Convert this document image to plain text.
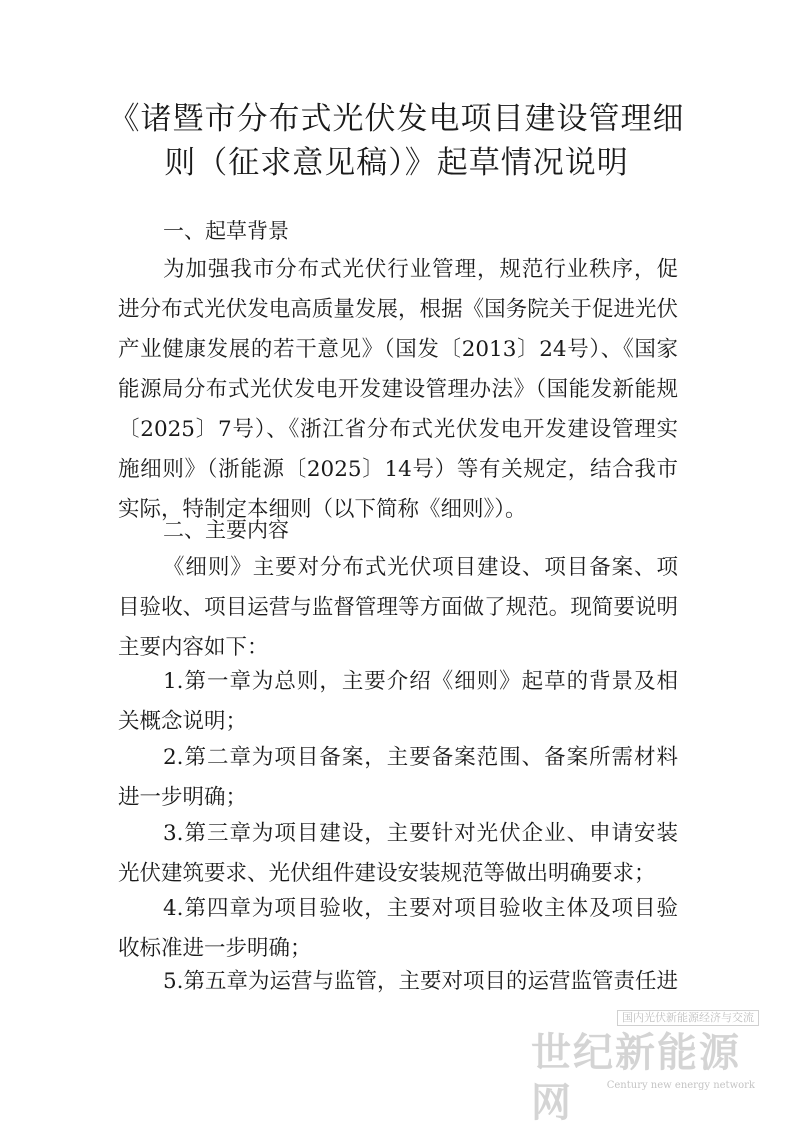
《诸暨市分布式光伏发电项目建设管理细则（征求意见稿）》起草情况说明

一、起草背景

为加强我市分布式光伏行业管理，规范行业秩序，促进分布式光伏发电高质量发展，根据《国务院关于促进光伏产业健康发展的若干意见》（国发〔2013〕24号）、《国家能源局分布式光伏发电开发建设管理办法》（国能发新能规〔2025〕7号）、《浙江省分布式光伏发电开发建设管理实施细则》（浙能源〔2025〕14号）等有关规定，结合我市实际，特制定本细则（以下简称《细则》）。

二、主要内容

《细则》主要对分布式光伏项目建设、项目备案、项目验收、项目运营与监督管理等方面做了规范。现简要说明主要内容如下：

1.第一章为总则，主要介绍《细则》起草的背景及相关概念说明；

2.第二章为项目备案，主要备案范围、备案所需材料进一步明确；

3.第三章为项目建设，主要针对光伏企业、申请安装光伏建筑要求、光伏组件建设安装规范等做出明确要求；

4.第四章为项目验收，主要对项目验收主体及项目验收标准进一步明确；

5.第五章为运营与监管，主要对项目的运营监管责任进

国内光伏新能源经济与交流
世纪新能源网	Century new energy network
